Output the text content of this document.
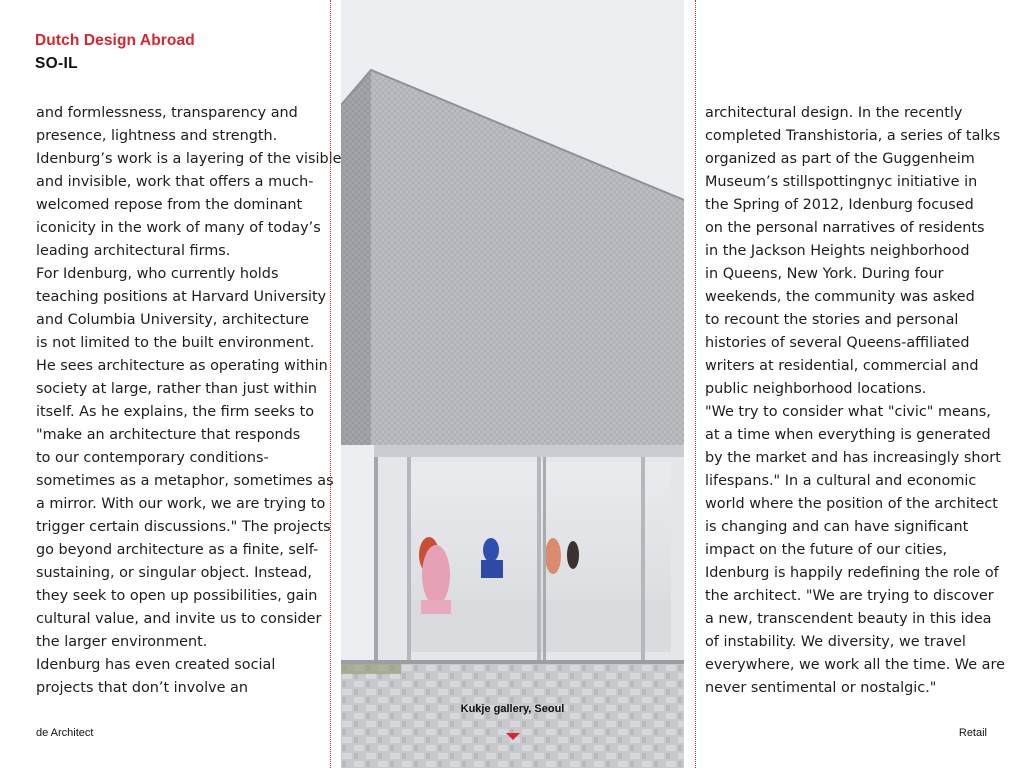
Dutch Design Abroad
SO-IL
and formlessness, transparency and
presence, lightness and strength.
Idenburg’s work is a layering of the visible
and invisible, work that offers a much-
welcomed repose from the dominant
iconicity in the work of many of today’s
leading architectural firms.
For Idenburg, who currently holds
teaching positions at Harvard University
and Columbia University, architecture
is not limited to the built environment.
He sees architecture as operating within
society at large, rather than just within
itself. As he explains, the firm seeks to
"make an architecture that responds
to our contemporary conditions-
sometimes as a metaphor, sometimes as
a mirror. With our work, we are trying to
trigger certain discussions." The projects
go beyond architecture as a finite, self-
sustaining, or singular object. Instead,
they seek to open up possibilities, gain
cultural value, and invite us to consider
the larger environment.
Idenburg has even created social
projects that don’t involve an
Kukje gallery, Seoul
architectural design. In the recently
completed Transhistoria, a series of talks
organized as part of the Guggenheim
Museum’s stillspottingnyc initiative in
the Spring of 2012, Idenburg focused
on the personal narratives of residents
in the Jackson Heights neighborhood
in Queens, New York. During four
weekends, the community was asked
to recount the stories and personal
histories of several Queens-affiliated
writers at residential, commercial and
public neighborhood locations.
"We try to consider what "civic" means,
at a time when everything is generated
by the market and has increasingly short
lifespans." In a cultural and economic
world where the position of the architect
is changing and can have significant
impact on the future of our cities,
Idenburg is happily redefining the role of
the architect. "We are trying to discover
a new, transcendent beauty in this idea
of instability. We diversity, we travel
everywhere, we work all the time. We are
never sentimental or nostalgic."
de Architect	Retail
